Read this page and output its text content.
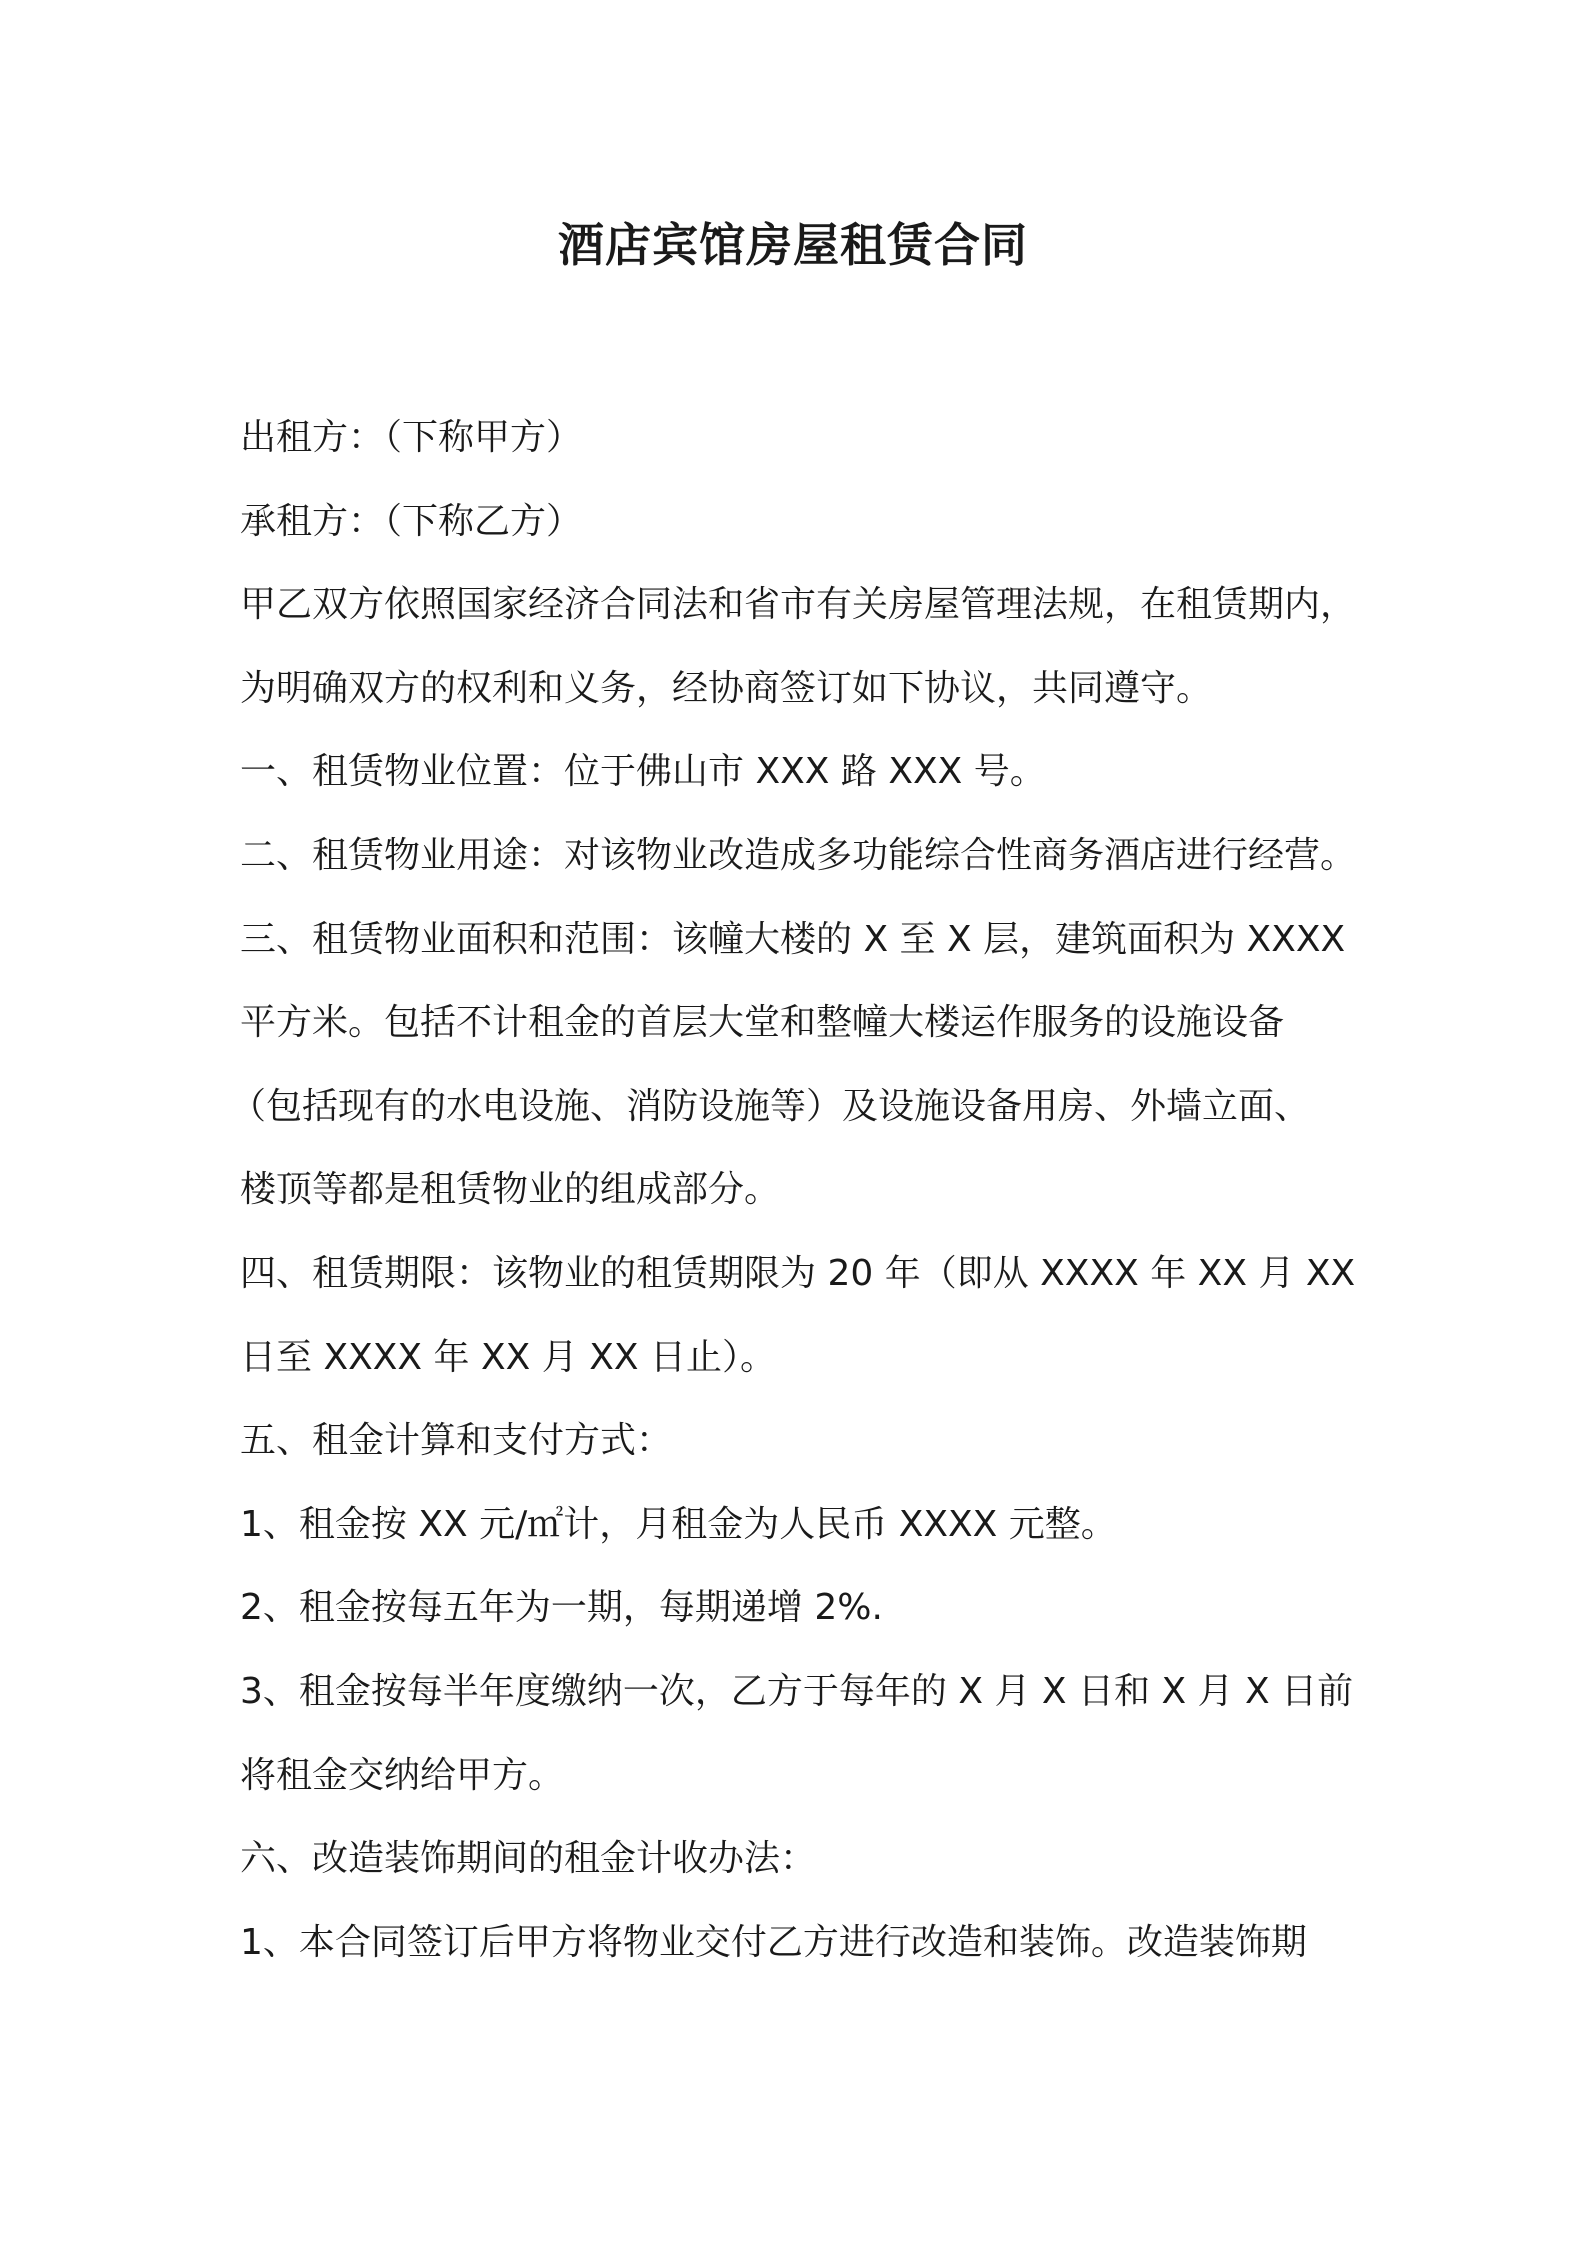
酒店宾馆房屋租赁合同
出租方：（下称甲方）
承租方：（下称乙方）
甲乙双方依照国家经济合同法和省市有关房屋管理法规，在租赁期内，
为明确双方的权利和义务，经协商签订如下协议，共同遵守。
一、租赁物业位置：位于佛山市 XXX 路 XXX 号。
二、租赁物业用途：对该物业改造成多功能综合性商务酒店进行经营。
三、租赁物业面积和范围：该幢大楼的 X 至 X 层，建筑面积为 XXXX
平方米。包括不计租金的首层大堂和整幢大楼运作服务的设施设备
（包括现有的水电设施、消防设施等）及设施设备用房、外墙立面、
楼顶等都是租赁物业的组成部分。
四、租赁期限：该物业的租赁期限为 20 年（即从 XXXX 年 XX 月 XX
日至 XXXX 年 XX 月 XX 日止）。
五、租金计算和支付方式：
1、租金按 XX 元/㎡计，月租金为人民币 XXXX 元整。
2、租金按每五年为一期，每期递增 2%.
3、租金按每半年度缴纳一次，乙方于每年的 X 月 X 日和 X 月 X 日前
将租金交纳给甲方。
六、改造装饰期间的租金计收办法：
1、本合同签订后甲方将物业交付乙方进行改造和装饰。改造装饰期
